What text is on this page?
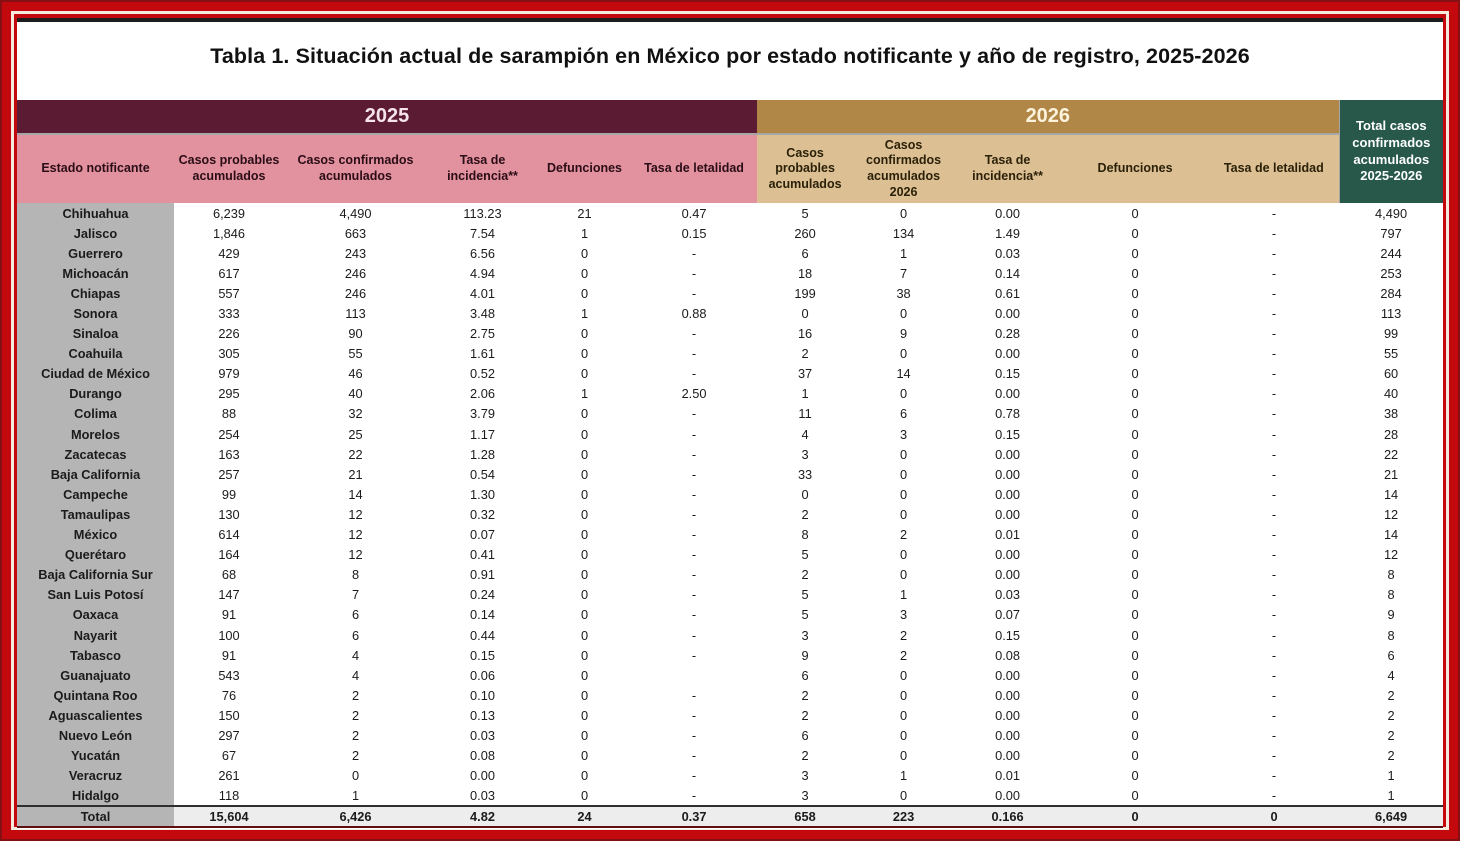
Tabla 1. Situación actual de sarampión en México por estado notificante y año de registro, 2025-2026
2025						2026					Total casos confirmados acumulados 2025-2026
Estado notificante	Casos probables acumulados	Casos confirmados acumulados	Tasa de incidencia**	Defunciones	Tasa de letalidad	Casos probables acumulados	Casos confirmados acumulados 2026	Tasa de incidencia**	Defunciones	Tasa de letalidad	
Chihuahua	6,239	4,490	113.23	21	0.47	5	0	0.00	0	-	4,490
Jalisco	1,846	663	7.54	1	0.15	260	134	1.49	0	-	797
Guerrero	429	243	6.56	0	-	6	1	0.03	0	-	244
Michoacán	617	246	4.94	0	-	18	7	0.14	0	-	253
Chiapas	557	246	4.01	0	-	199	38	0.61	0	-	284
Sonora	333	113	3.48	1	0.88	0	0	0.00	0	-	113
Sinaloa	226	90	2.75	0	-	16	9	0.28	0	-	99
Coahuila	305	55	1.61	0	-	2	0	0.00	0	-	55
Ciudad de México	979	46	0.52	0	-	37	14	0.15	0	-	60
Durango	295	40	2.06	1	2.50	1	0	0.00	0	-	40
Colima	88	32	3.79	0	-	11	6	0.78	0	-	38
Morelos	254	25	1.17	0	-	4	3	0.15	0	-	28
Zacatecas	163	22	1.28	0	-	3	0	0.00	0	-	22
Baja California	257	21	0.54	0	-	33	0	0.00	0	-	21
Campeche	99	14	1.30	0	-	0	0	0.00	0	-	14
Tamaulipas	130	12	0.32	0	-	2	0	0.00	0	-	12
México	614	12	0.07	0	-	8	2	0.01	0	-	14
Querétaro	164	12	0.41	0	-	5	0	0.00	0	-	12
Baja California Sur	68	8	0.91	0	-	2	0	0.00	0	-	8
San Luis Potosí	147	7	0.24	0	-	5	1	0.03	0	-	8
Oaxaca	91	6	0.14	0	-	5	3	0.07	0	-	9
Nayarit	100	6	0.44	0	-	3	2	0.15	0	-	8
Tabasco	91	4	0.15	0	-	9	2	0.08	0	-	6
Guanajuato	543	4	0.06	0		6	0	0.00	0	-	4
Quintana Roo	76	2	0.10	0	-	2	0	0.00	0	-	2
Aguascalientes	150	2	0.13	0	-	2	0	0.00	0	-	2
Nuevo León	297	2	0.03	0	-	6	0	0.00	0	-	2
Yucatán	67	2	0.08	0	-	2	0	0.00	0	-	2
Veracruz	261	0	0.00	0	-	3	1	0.01	0	-	1
Hidalgo	118	1	0.03	0	-	3	0	0.00	0	-	1
Total	15,604	6,426	4.82	24	0.37	658	223	0.166	0	0	6,649
